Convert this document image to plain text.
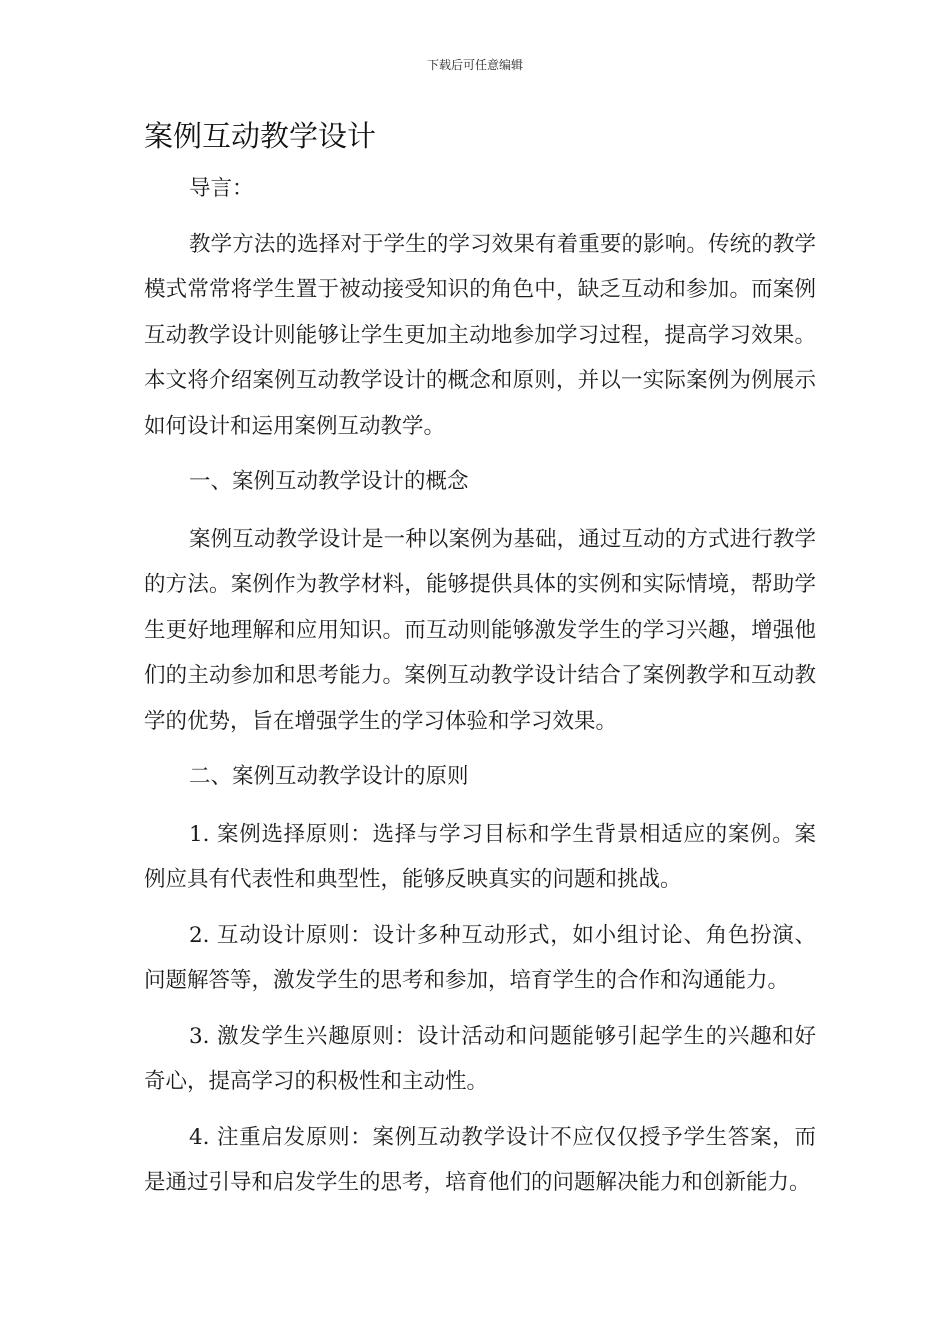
下载后可任意编辑
案例互动教学设计

导言：

教学方法的选择对于学生的学习效果有着重要的影响。传统的教学模式常常将学生置于被动接受知识的角色中，缺乏互动和参加。而案例互动教学设计则能够让学生更加主动地参加学习过程，提高学习效果。本文将介绍案例互动教学设计的概念和原则，并以一实际案例为例展示如何设计和运用案例互动教学。

一、案例互动教学设计的概念

案例互动教学设计是一种以案例为基础，通过互动的方式进行教学的方法。案例作为教学材料，能够提供具体的实例和实际情境，帮助学生更好地理解和应用知识。而互动则能够激发学生的学习兴趣，增强他们的主动参加和思考能力。案例互动教学设计结合了案例教学和互动教学的优势，旨在增强学生的学习体验和学习效果。

二、案例互动教学设计的原则

1. 案例选择原则：选择与学习目标和学生背景相适应的案例。案例应具有代表性和典型性，能够反映真实的问题和挑战。

2. 互动设计原则：设计多种互动形式，如小组讨论、角色扮演、问题解答等，激发学生的思考和参加，培育学生的合作和沟通能力。

3. 激发学生兴趣原则：设计活动和问题能够引起学生的兴趣和好奇心，提高学习的积极性和主动性。

4. 注重启发原则：案例互动教学设计不应仅仅授予学生答案，而是通过引导和启发学生的思考，培育他们的问题解决能力和创新能力。
